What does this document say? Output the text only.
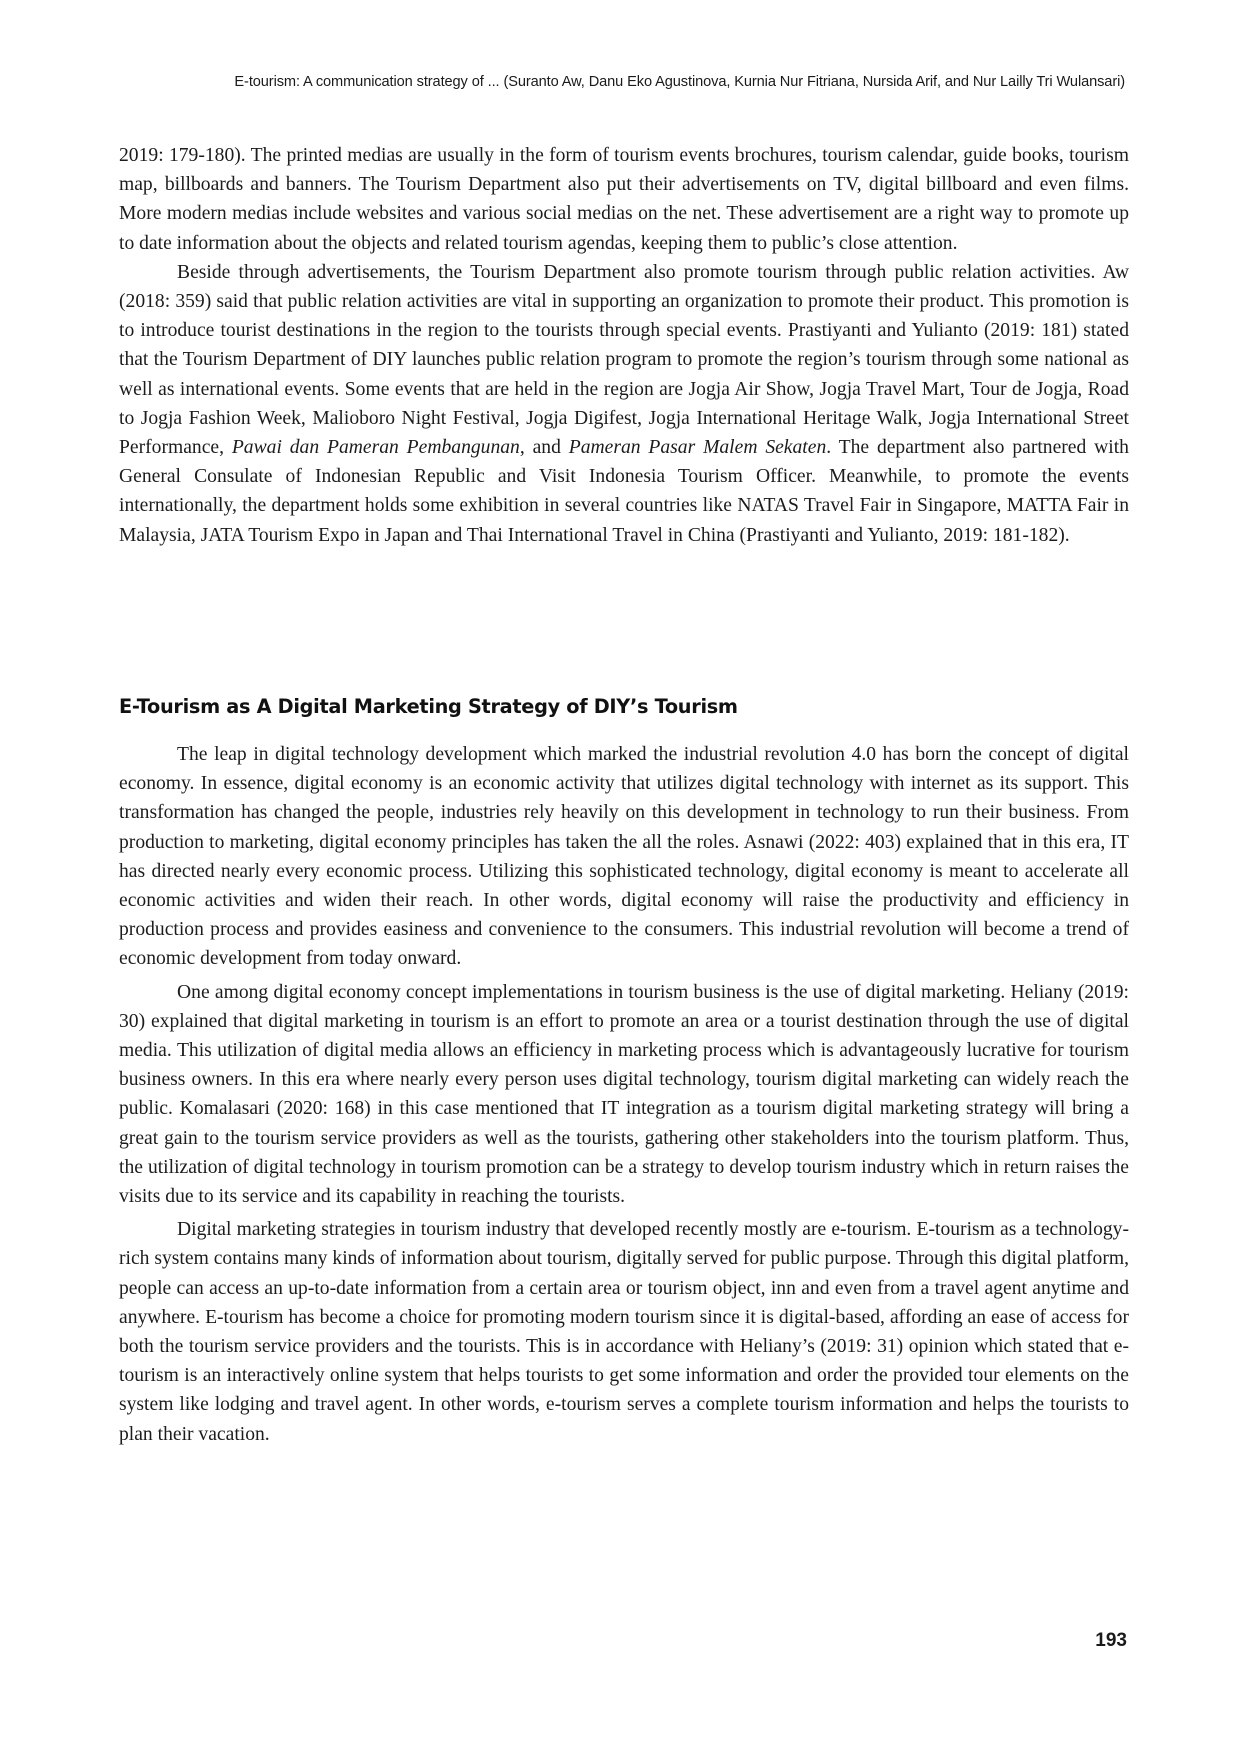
E-tourism: A communication strategy of ... (Suranto Aw, Danu Eko Agustinova, Kurnia Nur Fitriana, Nursida Arif, and Nur Lailly Tri Wulansari)

2019: 179-180). The printed medias are usually in the form of tourism events brochures, tourism calendar, guide books, tourism map, billboards and banners. The Tourism Department also put their advertisements on TV, digital billboard and even films. More modern medias include websites and various social medias on the net. These advertisement are a right way to promote up to date information about the objects and related tourism agendas, keeping them to public’s close attention.

Beside through advertisements, the Tourism Department also promote tourism through public relation activities. Aw (2018: 359) said that public relation activities are vital in supporting an organization to promote their product. This promotion is to introduce tourist destinations in the region to the tourists through special events. Prastiyanti and Yulianto (2019: 181) stated that the Tourism Department of DIY launches public relation program to promote the region’s tourism through some national as well as international events. Some events that are held in the region are Jogja Air Show, Jogja Travel Mart, Tour de Jogja, Road to Jogja Fashion Week, Malioboro Night Festival, Jogja Digifest, Jogja International Heritage Walk, Jogja International Street Performance, Pawai dan Pameran Pembangunan, and Pameran Pasar Malem Sekaten. The department also partnered with General Consulate of Indonesian Republic and Visit Indonesia Tourism Officer. Meanwhile, to promote the events internationally, the department holds some exhibition in several countries like NATAS Travel Fair in Singapore, MATTA Fair in Malaysia, JATA Tourism Expo in Japan and Thai International Travel in China (Prastiyanti and Yulianto, 2019: 181-182).

E-Tourism as A Digital Marketing Strategy of DIY’s Tourism

The leap in digital technology development which marked the industrial revolution 4.0 has born the concept of digital economy. In essence, digital economy is an economic activity that utilizes digital technology with internet as its support. This transformation has changed the people, industries rely heavily on this development in technology to run their business. From production to marketing, digital economy principles has taken the all the roles. Asnawi (2022: 403) explained that in this era, IT has directed nearly every economic process. Utilizing this sophisticated technology, digital economy is meant to accelerate all economic activities and widen their reach. In other words, digital economy will raise the productivity and efficiency in production process and provides easiness and convenience to the consumers. This industrial revolution will become a trend of economic development from today onward.

One among digital economy concept implementations in tourism business is the use of digital marketing. Heliany (2019: 30) explained that digital marketing in tourism is an effort to promote an area or a tourist destination through the use of digital media. This utilization of digital media allows an efficiency in marketing process which is advantageously lucrative for tourism business owners. In this era where nearly every person uses digital technology, tourism digital marketing can widely reach the public. Komalasari (2020: 168) in this case mentioned that IT integration as a tourism digital marketing strategy will bring a great gain to the tourism service providers as well as the tourists, gathering other stakeholders into the tourism platform. Thus, the utilization of digital technology in tourism promotion can be a strategy to develop tourism industry which in return raises the visits due to its service and its capability in reaching the tourists.

Digital marketing strategies in tourism industry that developed recently mostly are e-tourism. E-tourism as a technology-rich system contains many kinds of information about tourism, digitally served for public purpose. Through this digital platform, people can access an up-to-date information from a certain area or tourism object, inn and even from a travel agent anytime and anywhere. E-tourism has become a choice for promoting modern tourism since it is digital-based, affording an ease of access for both the tourism service providers and the tourists. This is in accordance with Heliany’s (2019: 31) opinion which stated that e-tourism is an interactively online system that helps tourists to get some information and order the provided tour elements on the system like lodging and travel agent. In other words, e-tourism serves a complete tourism information and helps the tourists to plan their vacation.

193
